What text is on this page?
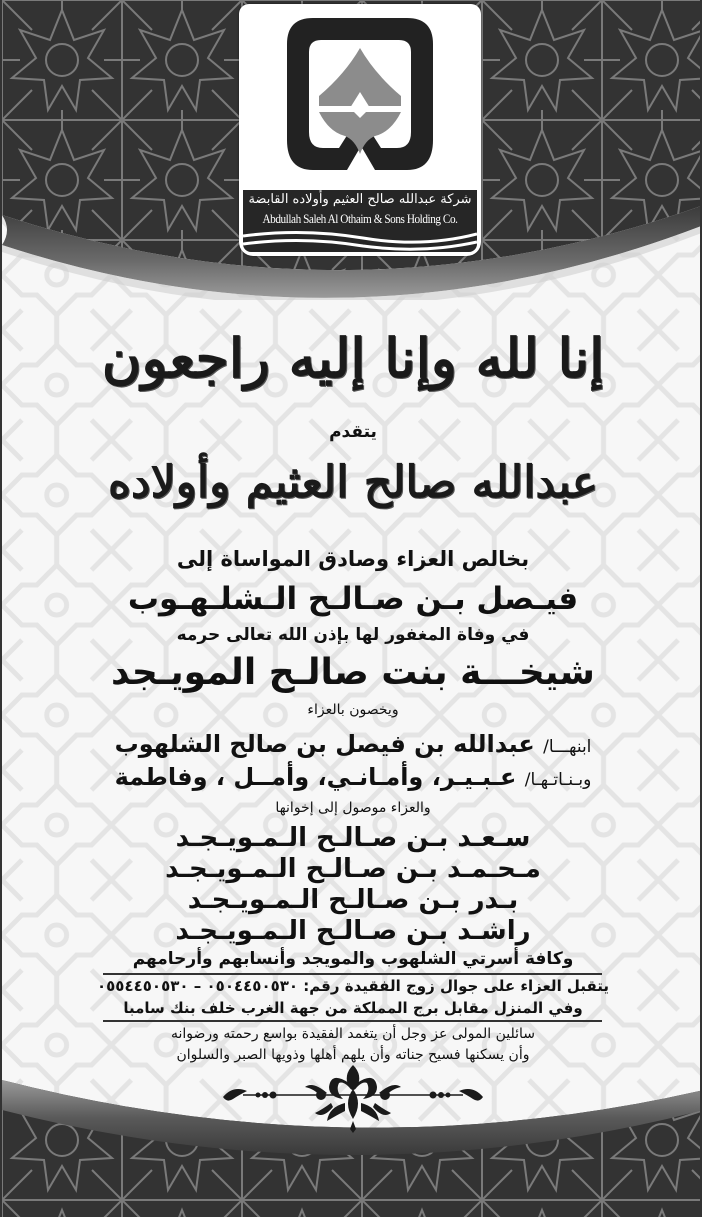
شركة عبدالله صالح العثيم وأولاده القابضة
Abdullah Saleh Al Othaim & Sons Holding Co.
إنا لله وإنا إليه راجعون
يتقدم
عبدالله صالح العثيم وأولاده
بخالص العزاء وصادق المواساة إلى
فيـصل بـن صـالـح الـشلـهـوب
في وفاة المغفور لها بإذن الله تعالى حرمه
شيخـــة بنت صالـح المويـجد
ويخصون بالعزاء
ابنهـــا/ عبدالله بن فيصل بن صالح الشلهوب
وبـنـاتـهـا/ عـبـيـر، وأمـانـي، وأمــل ، وفاطمة
والعزاء موصول إلى إخوانها
سـعـد بـن صـالـح الـمـويـجـد
مـحـمـد بـن صـالـح الـمـويـجـد
بـدر بـن صـالـح الـمـويـجـد
راشـد بـن صـالـح الـمـويـجـد
وكافة أسرتي الشلهوب والمويجد وأنسابهم وأرحامهم
يتقبل العزاء على جوال زوج الفقيدة رقم: ٠٥٠٤٤٥٠٥٣٠ – ٠٥٥٤٤٥٠٥٣٠
وفي المنزل مقابل برج المملكة من جهة الغرب خلف بنك سامبا
سائلين المولى عز وجل أن يتغمد الفقيدة بواسع رحمته ورضوانه
وأن يسكنها فسيح جناته وأن يلهم أهلها وذويها الصبر والسلوان
